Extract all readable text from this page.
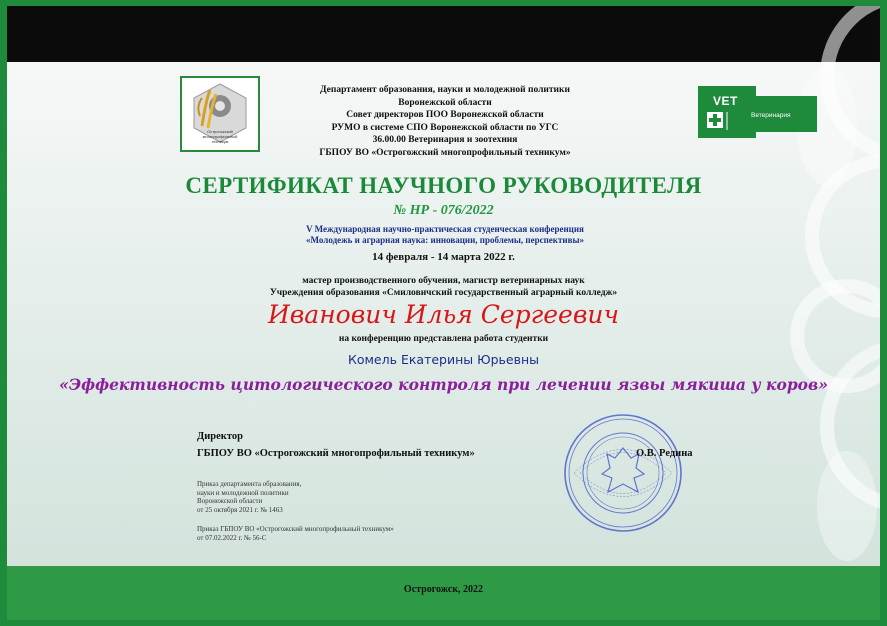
Острогожский
многопрофильный
техникум
Департамент образования, науки и молодежной политики
Воронежской области
Совет директоров ПОО Воронежской области
РУМО в системе СПО Воронежской области по УГС
36.00.00 Ветеринария и зоотехния
ГБПОУ ВО «Острогожский многопрофильный техникум»
VET
Ветеринария
СЕРТИФИКАТ НАУЧНОГО РУКОВОДИТЕЛЯ
№ НР - 076/2022
V Международная научно-практическая студенческая конференция
«Молодежь и аграрная наука: инновации, проблемы, перспективы»
14 февраля - 14 марта 2022 г.
мастер производственного обучения, магистр ветеринарных наук
Учреждения образования «Смиловичский государственный аграрный колледж»
Иванович Илья Сергеевич
на конференцию представлена работа студентки
Комель Екатерины Юрьевны
«Эффективность цитологического контроля при лечении язвы мякиша у коров»
Директор
ГБПОУ ВО «Острогожский многопрофильный техникум»	О.В. Редина
Приказ департамента образования,
науки и молодежной политики
Воронежской области
от 25 октября 2021 г. № 1463
Приказ ГБПОУ ВО «Острогожский многопрофильный техникум»
от 07.02.2022 г. № 56-С
Острогожск, 2022
